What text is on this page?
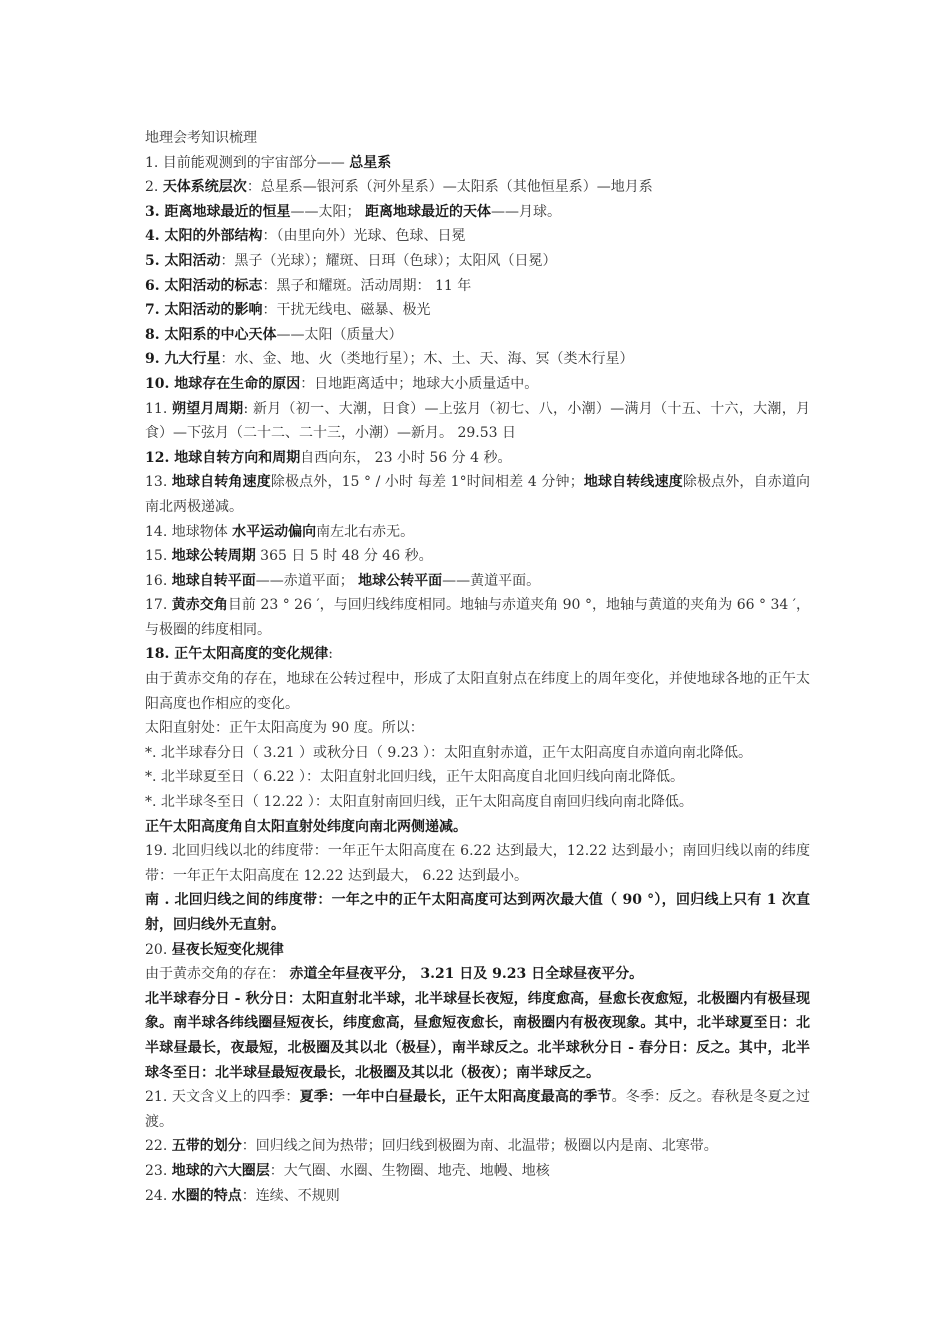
地理会考知识梳理
1. 目前能观测到的宇宙部分—— 总星系
2. 天体系统层次：总星系—银河系（河外星系）—太阳系（其他恒星系）—地月系
3. 距离地球最近的恒星——太阳； 距离地球最近的天体——月球。
4. 太阳的外部结构：（由里向外）光球、色球、日冕
5. 太阳活动：黑子（光球）；耀斑、日珥（色球）；太阳风（日冕）
6. 太阳活动的标志：黑子和耀斑。活动周期： 11 年
7. 太阳活动的影响：干扰无线电、磁暴、极光
8. 太阳系的中心天体——太阳（质量大）
9. 九大行星：水、金、地、火（类地行星）；木、土、天、海、冥（类木行星）
10. 地球存在生命的原因：日地距离适中；地球大小质量适中。
11. 朔望月周期: 新月（初一、大潮，日食）—上弦月（初七、八，小潮）—满月（十五、十六，大潮，月食）—下弦月（二十二、二十三，小潮）—新月。 29.53 日
12. 地球自转方向和周期自西向东， 23 小时 56 分 4 秒。
13. 地球自转角速度除极点外，15 ° / 小时 每差 1°时间相差 4 分钟；地球自转线速度除极点外，自赤道向南北两极递减。
14. 地球物体 水平运动偏向南左北右赤无。
15. 地球公转周期 365 日 5 时 48 分 46 秒。
16. 地球自转平面——赤道平面； 地球公转平面——黄道平面。
17. 黄赤交角目前 23 ° 26 ′，与回归线纬度相同。地轴与赤道夹角 90 °，地轴与黄道的夹角为 66 ° 34 ′，与极圈的纬度相同。
18. 正午太阳高度的变化规律:
由于黄赤交角的存在，地球在公转过程中，形成了太阳直射点在纬度上的周年变化，并使地球各地的正午太阳高度也作相应的变化。
太阳直射处：正午太阳高度为 90 度。所以：
*. 北半球春分日（ 3.21 ）或秋分日（ 9.23 ）：太阳直射赤道，正午太阳高度自赤道向南北降低。
*. 北半球夏至日（ 6.22 ）：太阳直射北回归线，正午太阳高度自北回归线向南北降低。
*. 北半球冬至日（ 12.22 ）：太阳直射南回归线，正午太阳高度自南回归线向南北降低。
正午太阳高度角自太阳直射处纬度向南北两侧递减。
19. 北回归线以北的纬度带：一年正午太阳高度在 6.22 达到最大，12.22 达到最小；南回归线以南的纬度带：一年正午太阳高度在 12.22 达到最大， 6.22 达到最小。
南 . 北回归线之间的纬度带：一年之中的正午太阳高度可达到两次最大值（ 90 °），回归线上只有 1 次直射，回归线外无直射。
20. 昼夜长短变化规律
由于黄赤交角的存在： 赤道全年昼夜平分， 3.21 日及 9.23 日全球昼夜平分。
北半球春分日 - 秋分日：太阳直射北半球，北半球昼长夜短，纬度愈高，昼愈长夜愈短，北极圈内有极昼现象。南半球各纬线圈昼短夜长，纬度愈高，昼愈短夜愈长，南极圈内有极夜现象。其中，北半球夏至日：北半球昼最长，夜最短，北极圈及其以北（极昼），南半球反之。北半球秋分日 - 春分日：反之。其中，北半球冬至日：北半球昼最短夜最长，北极圈及其以北（极夜）；南半球反之。
21. 天文含义上的四季：夏季：一年中白昼最长，正午太阳高度最高的季节。冬季：反之。春秋是冬夏之过渡。
22. 五带的划分：回归线之间为热带；回归线到极圈为南、北温带；极圈以内是南、北寒带。
23. 地球的六大圈层：大气圈、水圈、生物圈、地壳、地幔、地核
24. 水圈的特点：连续、不规则
